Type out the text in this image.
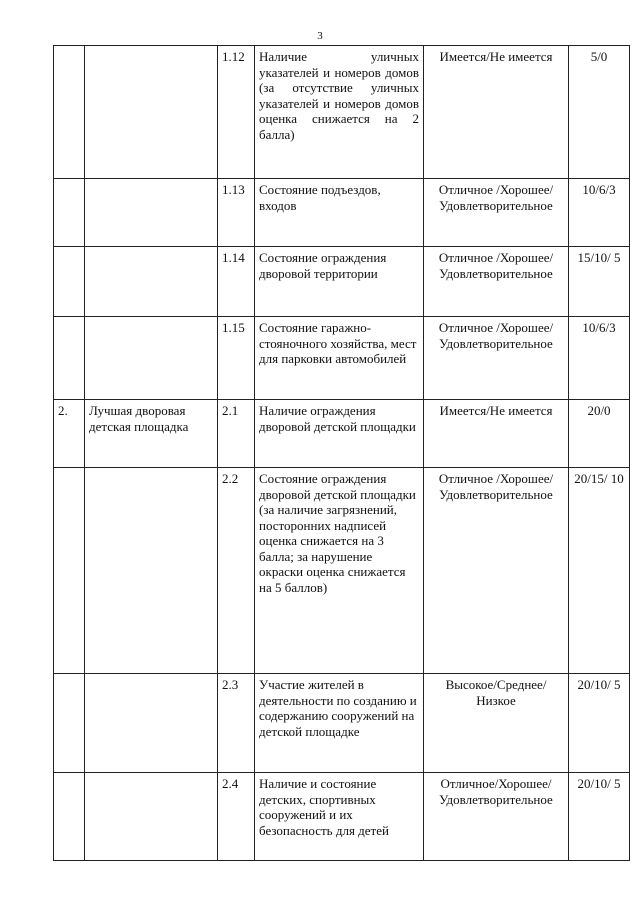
3
		1.12	Наличие уличных указателей и номеров домов (за отсутствие уличных указателей и номеров домов оценка снижается на 2 балла)	Имеется/Не имеется	5/0
		1.13	Состояние подъездов, входов	Отличное /Хорошее/ Удовлетворительное	10/6/3
		1.14	Состояние ограждения дворовой территории	Отличное /Хорошее/ Удовлетворительное	15/10/ 5
		1.15	Состояние гаражно-стояночного хозяйства, мест для парковки автомобилей	Отличное /Хорошее/ Удовлетворительное	10/6/3
2.	Лучшая дворовая детская площадка	2.1	Наличие ограждения дворовой детской площадки	Имеется/Не имеется	20/0
		2.2	Состояние ограждения дворовой детской площадки (за наличие загрязнений, посторонних надписей оценка снижается на 3 балла; за нарушение окраски оценка снижается на 5 баллов)	Отличное /Хорошее/ Удовлетворительное	20/15/ 10
		2.3	Участие жителей в деятельности по созданию и содержанию сооружений на детской площадке	Высокое/Среднее/ Низкое	20/10/ 5
		2.4	Наличие и состояние детских, спортивных сооружений и их безопасность для детей	Отличное/Хорошее/ Удовлетворительное	20/10/ 5
